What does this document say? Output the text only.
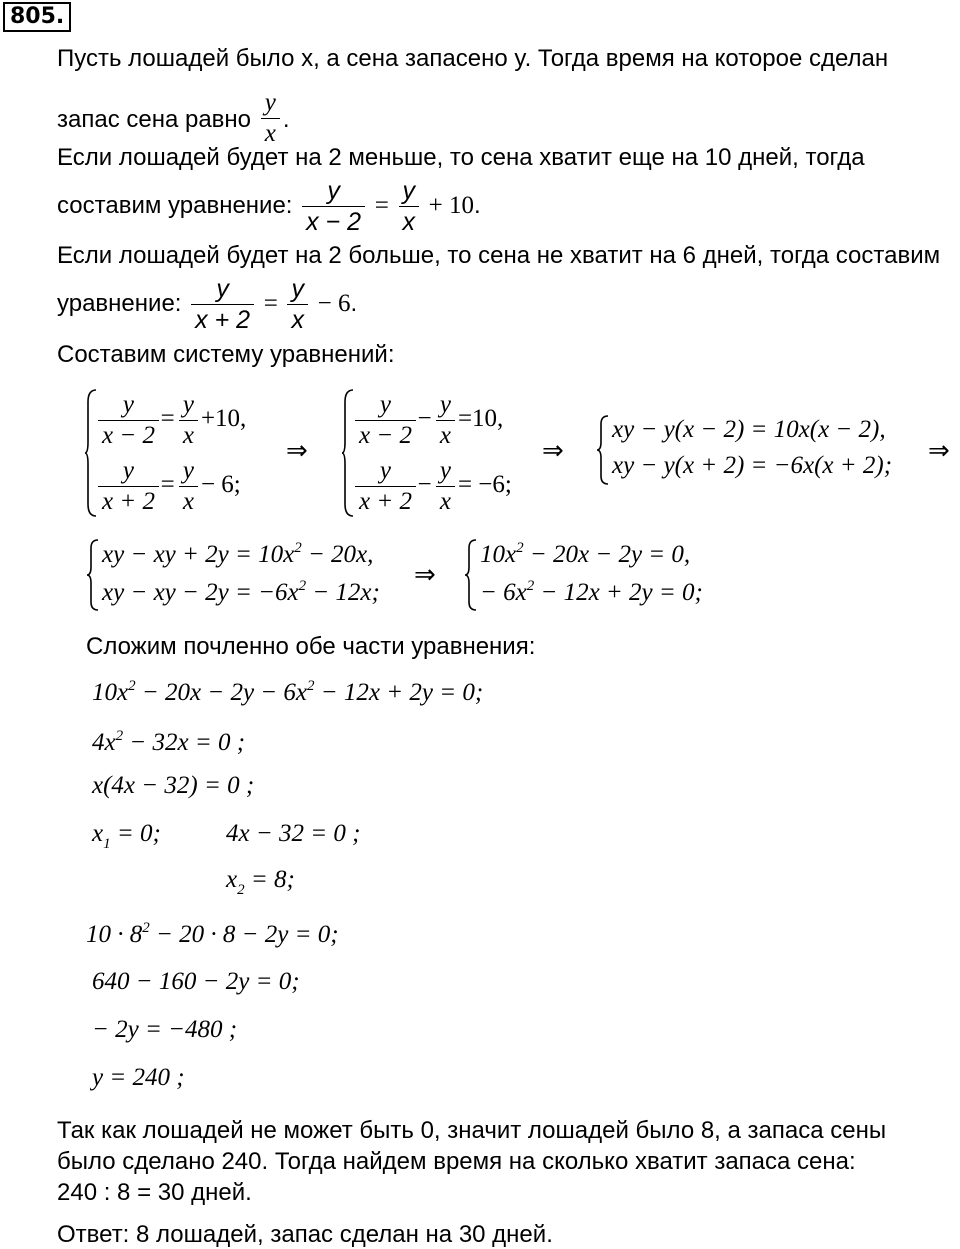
805.
Пусть лошадей было x, а сена запасено y. Тогда время на которое сделан
запас сена равно $\frac{y}{x}$ .
Если лошадей будет на 2 меньше, то сена хватит еще на 10 дней, тогда
составим уравнение: $\frac{y}{x - 2} = \frac{y}{x} + 10$.
Если лошадей будет на 2 больше, то сена не хватит на 6 дней, тогда составим
уравнение: $\frac{y}{x + 2} = \frac{y}{x} - 6$.
Составим систему уравнений:
$\frac{y}{x - 2} = \frac{y}{x} +10$,
$\frac{y}{x + 2} = \frac{y}{x} - 6$;
⇒ $\frac{y}{x - 2} - \frac{y}{x} =10$,
$\frac{y}{x + 2} - \frac{y}{x} = -6$;
⇒
xy − y(x − 2) = 10x(x − 2),
xy − y(x + 2) = −6x(x + 2);
⇒
xy − xy + $2y = 10x^2 - 20x$,
xy − xy − $2y = -6x^2 - 12x$;
⇒
$10x^2 - 20x - 2y = 0$,
− $6x^2 - 12x + 2y = 0$;
Сложим почленно обе части уравнения:
$10x^2 - 20x - 2y - 6x^2 - 12x + 2y = 0$;
$4x^2 - 32x = 0$ ;
x(4x − 32) = 0 ;
$x_1 = 0$;	4x − 32 = 0 ;
$x_2 = 8$;
$10 \cdot 8^2 - 20 \cdot 8 - 2y = 0$;
640 − 160 − 2y = 0;
− 2y = −480 ;
y = 240 ;
Так как лошадей не может быть 0, значит лошадей было 8, а запаса сены
было сделано 240. Тогда найдем время на сколько хватит запаса сена:
240 : 8 = 30 дней.
Ответ: 8 лошадей, запас сделан на 30 дней.
